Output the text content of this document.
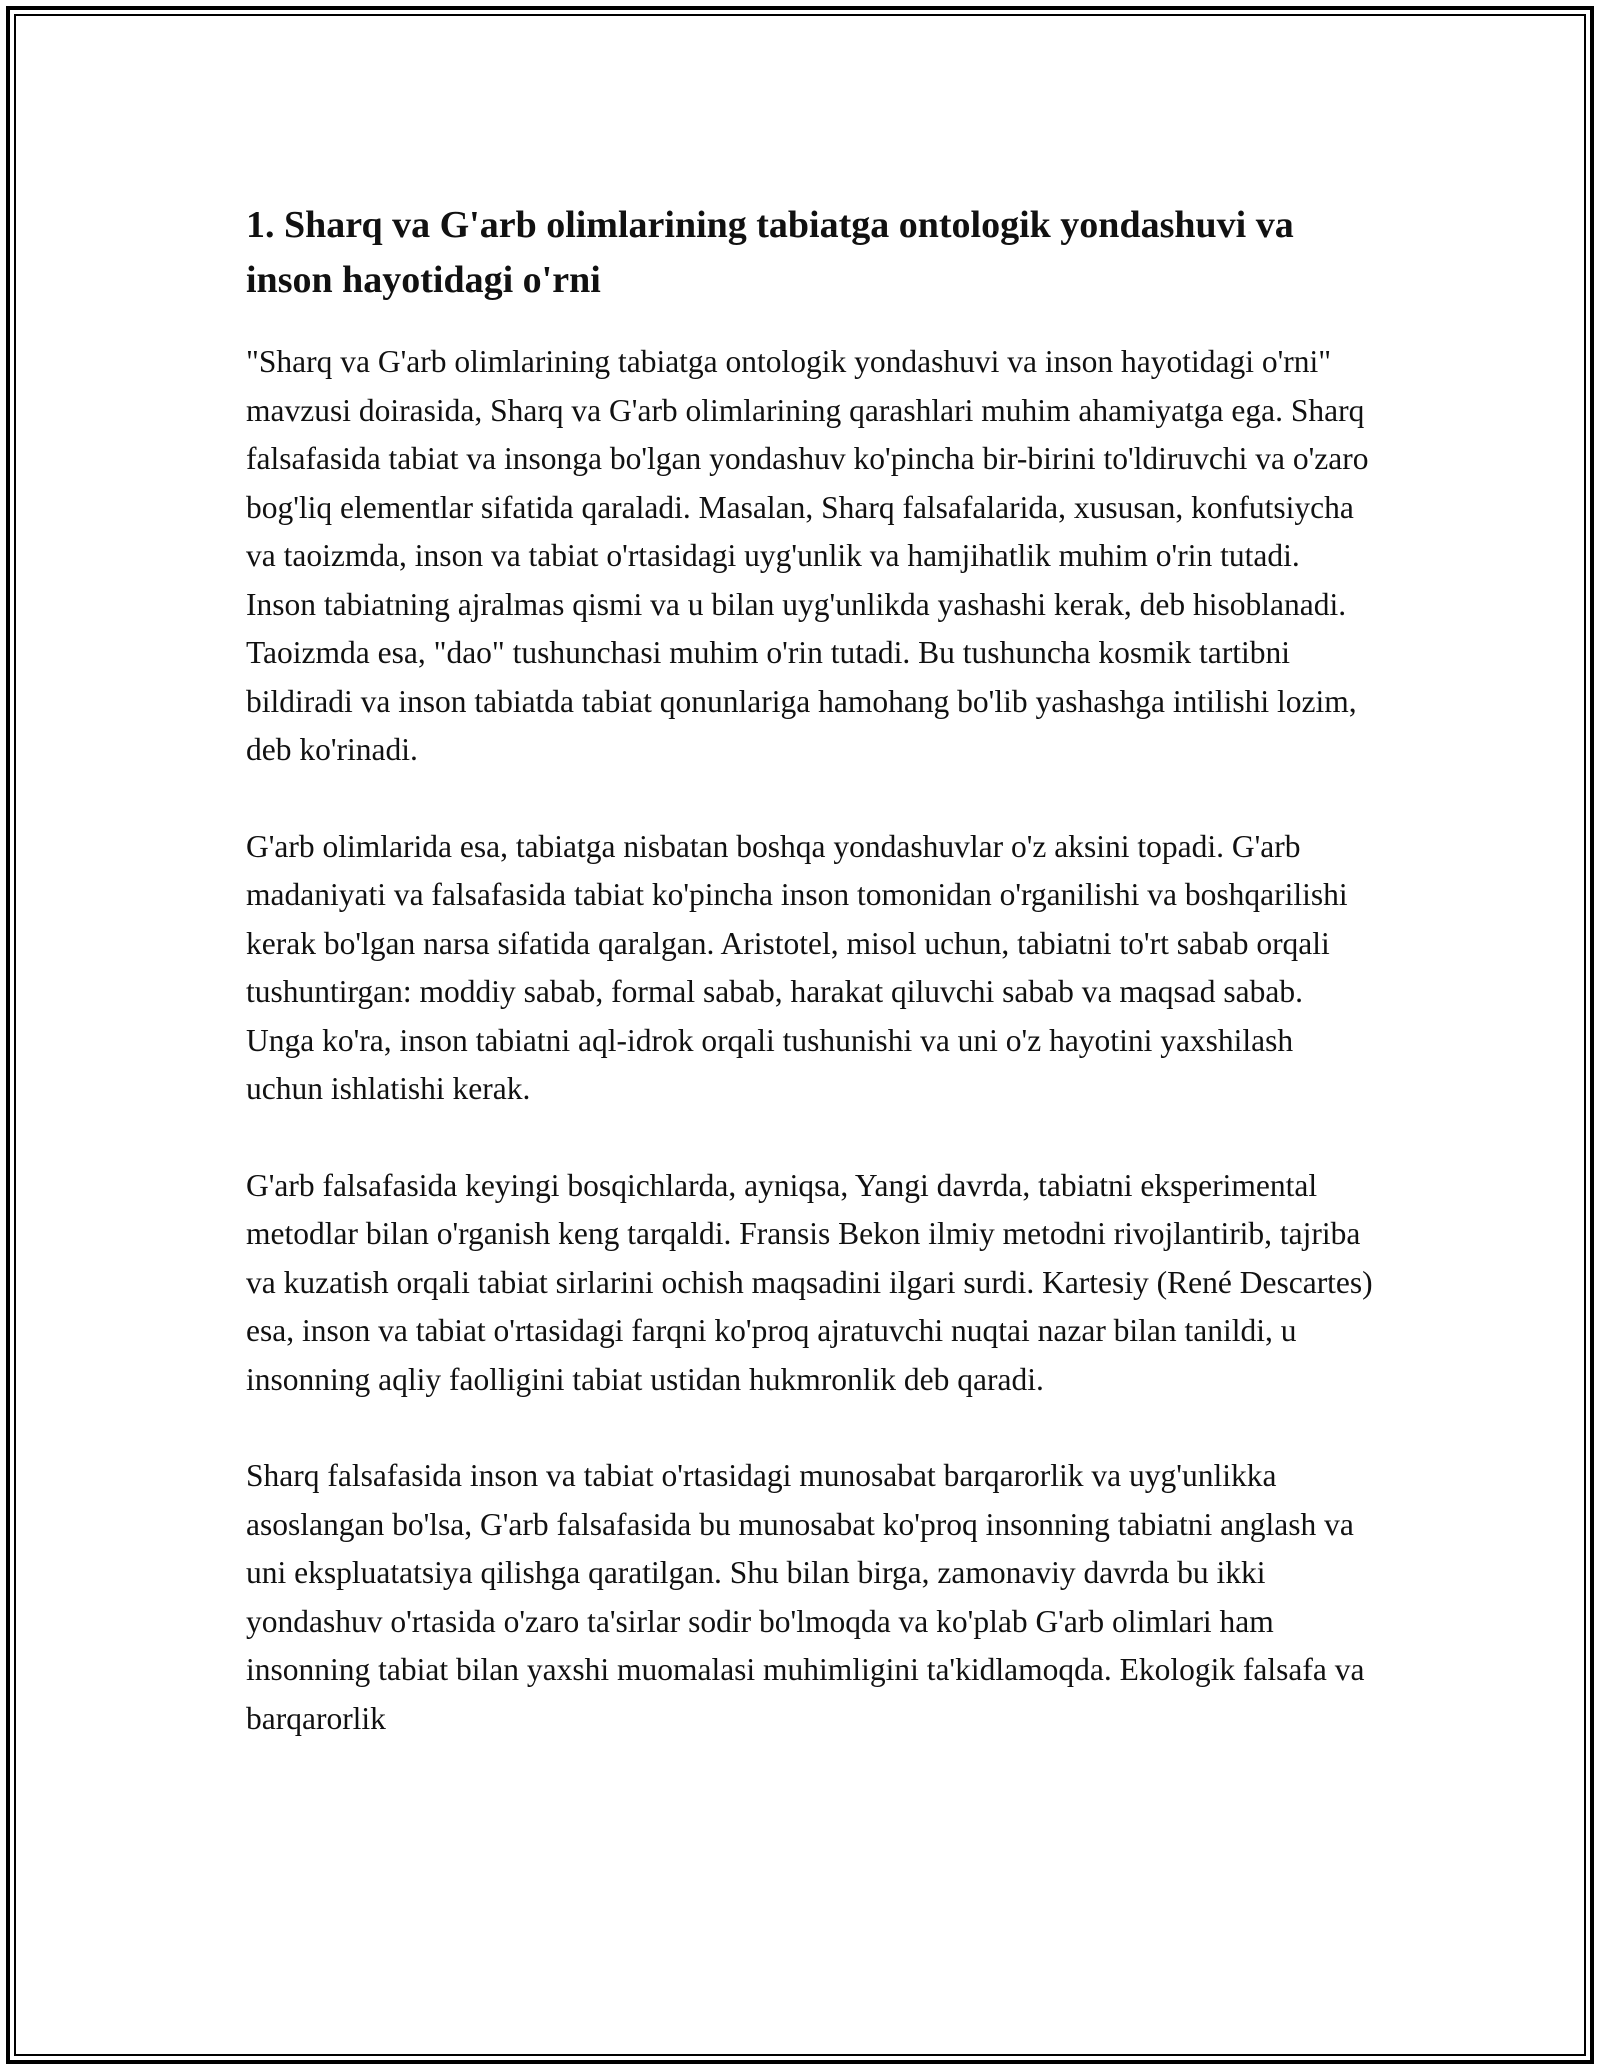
1. Sharq va G'arb olimlarining tabiatga ontologik yondashuvi va inson hayotidagi o'rni

"Sharq va G'arb olimlarining tabiatga ontologik yondashuvi va inson hayotidagi o'rni" mavzusi doirasida, Sharq va G'arb olimlarining qarashlari muhim ahamiyatga ega. Sharq falsafasida tabiat va insonga bo'lgan yondashuv ko'pincha bir-birini to'ldiruvchi va o'zaro bog'liq elementlar sifatida qaraladi. Masalan, Sharq falsafalarida, xususan, konfutsiycha va taoizmda, inson va tabiat o'rtasidagi uyg'unlik va hamjihatlik muhim o'rin tutadi. Inson tabiatning ajralmas qismi va u bilan uyg'unlikda yashashi kerak, deb hisoblanadi. Taoizmda esa, "dao" tushunchasi muhim o'rin tutadi. Bu tushuncha kosmik tartibni bildiradi va inson tabiatda tabiat qonunlariga hamohang bo'lib yashashga intilishi lozim, deb ko'rinadi.

G'arb olimlarida esa, tabiatga nisbatan boshqa yondashuvlar o'z aksini topadi. G'arb madaniyati va falsafasida tabiat ko'pincha inson tomonidan o'rganilishi va boshqarilishi kerak bo'lgan narsa sifatida qaralgan. Aristotel, misol uchun, tabiatni to'rt sabab orqali tushuntirgan: moddiy sabab, formal sabab, harakat qiluvchi sabab va maqsad sabab. Unga ko'ra, inson tabiatni aql-idrok orqali tushunishi va uni o'z hayotini yaxshilash uchun ishlatishi kerak.

G'arb falsafasida keyingi bosqichlarda, ayniqsa, Yangi davrda, tabiatni eksperimental metodlar bilan o'rganish keng tarqaldi. Fransis Bekon ilmiy metodni rivojlantirib, tajriba va kuzatish orqali tabiat sirlarini ochish maqsadini ilgari surdi. Kartesiy (René Descartes) esa, inson va tabiat o'rtasidagi farqni ko'proq ajratuvchi nuqtai nazar bilan tanildi, u insonning aqliy faolligini tabiat ustidan hukmronlik deb qaradi.

Sharq falsafasida inson va tabiat o'rtasidagi munosabat barqarorlik va uyg'unlikka asoslangan bo'lsa, G'arb falsafasida bu munosabat ko'proq insonning tabiatni anglash va uni ekspluatatsiya qilishga qaratilgan. Shu bilan birga, zamonaviy davrda bu ikki yondashuv o'rtasida o'zaro ta'sirlar sodir bo'lmoqda va ko'plab G'arb olimlari ham insonning tabiat bilan yaxshi muomalasi muhimligini ta'kidlamoqda. Ekologik falsafa va barqarorlik
